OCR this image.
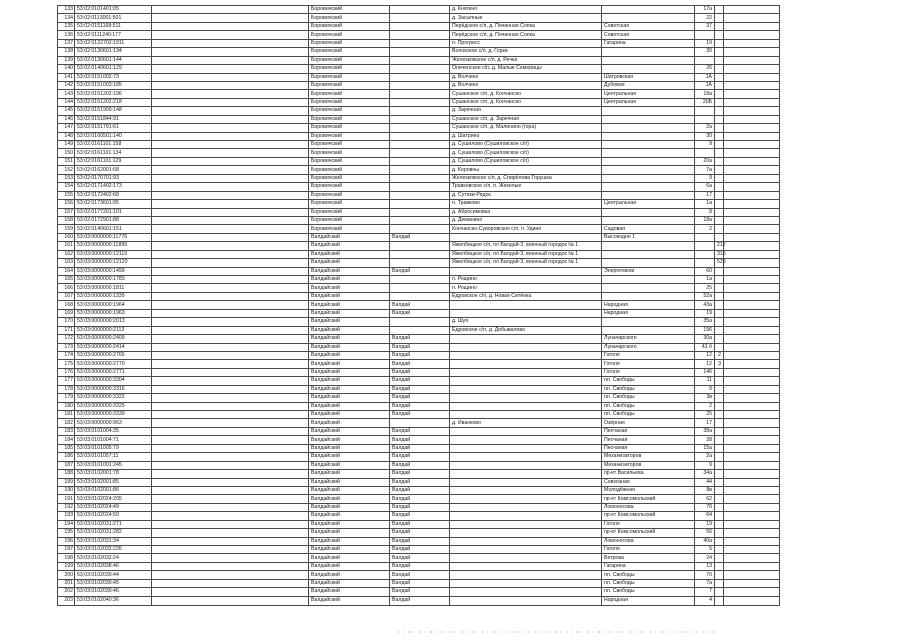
133	53:02:0101401:05		Боровичский		д. Княгино		17а		
134	53:02:0113001:501		Боровичский		д. Засыпные		22		
135	53:02:0151168:511		Боровичский		Перёдское с/п, д. Починная Сопка	Советская	37		
136	53:02:0111240:177		Боровичский		Перёдское с/п, д. Починная Сопка	Советская			
137	53:02:0122702:1911		Боровичский		п. Прогресс	Гагарина	19		
138	53:02:0130601:134		Боровичский		Волокское с/п, д. Горки		30		
139	53:02:0130601:144		Боровичский		Железковское с/п, д. Речка				
140	53:02:0140601:129		Боровичский		Опеченское с/п, д. Малые Семерицы		26		
141	53:02:0151002:73		Боровичский		д. Волчино	Шатровская	1А		
142	53:02:0151003:185		Боровичский		д. Волчино	Дубовая	1А		
143	53:02:0151202:196		Боровичский		Сушанское с/п, д. Кончанско	Центральная	18а		
144	53:02:0151202:218		Боровичский		Сушанское с/п, д. Кончанско	Центральная	20Б		
145	53:02:0151909:148		Боровичский		д. Заречная				
146	53:02:0151844:91		Боровичский		Сушанское с/п, д. Заречная				
147	53:02:0151791:61		Боровичский		Сушанское с/п, д. Малинино (гора)		2а		
148	53:02:0160501:140		Боровичский		д. Шатрино		30		
149	53:02:0161101:158		Боровичский		д. Сушилово (Сушиловское с/п)		9		
150	53:02:0161101:134		Боровичский		д. Сушилово (Сушиловское с/п)				
151	53:02:0161101:129		Боровичский		д. Сушилово (Сушиловское с/п)		20а		
152	53:02:0162001:68		Боровичский		д. Коровны		7а		
153	53:02:0170701:93		Боровичский		Железковское с/п, д. Спирёлова Горушка		9		
154	53:02:0171402:173		Боровичский		Травковское с/п, п. Жеколые		6а		
155	53:02:0172402:68		Боровичский		д. Сутоки-Рядок		17		
156	53:02:0173601:95		Боровичский		п. Травково	Центральная	1а		
157	53:02:0177201:101		Боровичский		д. Абросимовка		8		
158	53:02:0172901:88		Боровичский		д. Деманино		18а		
159	53:02:0140601:151		Боровичский		Кончанско-Суворовское с/п, п. Удино	Садовая	2		
160	53:03:0000000:11776		Валдайский	Валдай		Высокодно 1			
161	53:03:0000000:11899		Валдайский		Яжелбицкое с/п, пл Валдай-3, военный городок № 1			212	
162	53:03:0000000:12119		Валдайский		Яжелбицкое с/п, пл Валдай-3, военный городок № 1			315	
163	53:03:0000000:12120		Валдайский		Яжелбицкое с/п, пл Валдай-3, военный городок № 1			529	
164	53:03:0000000:1499		Валдайский	Валдай		Энергетиков	60		
165	53:03:0000000:1783		Валдайский		п. Рощино		1а		
166	53:03:0000000:1811		Валдайский		п. Рощино		25		
167	53:03:0000000:1339		Валдайский		Едровское с/п, д. Новая Ситёнка		52а		
168	53:03:0000000:1964		Валдайский	Валдай		Народная	43а		
169	53:03:0000000:1963		Валдайский	Валдай		Народная	19		
170	53:03:0000000:2013		Валдайский		д. Шуя		35а		
171	53:03:0000000:2113		Валдайский		Едровское с/п, д. Добывалово		196		
172	53:03:0000000:2409		Валдайский	Валдай		Луначарского	30а		
173	53:03:0000000:2414		Валдайский	Валдай		Луначарского	41 б		
174	53:03:0000000:2765		Валдайский	Валдай		Гоголя	12	2	
175	53:03:0000000:2770		Валдайский	Валдай		Гоголя	12	3	
176	53:03:0000000:2771		Валдайский	Валдай		Гоголя	146		
177	53:03:0000000:3304		Валдайский	Валдай		пл. Свободы	11		
178	53:03:0000000:3316		Валдайский	Валдай		пл. Свободы	9		
179	53:03:0000000:3322		Валдайский	Валдай		пл. Свободы	3в		
180	53:03:0000000:3325		Валдайский	Валдай		пл. Свободы	2		
181	53:03:0000000:3339		Валдайский	Валдай		пл. Свободы	25		
182	53:03:0000000:963		Валдайский		д. Иванково	Озёрная	17		
183	53:03:0101004:35		Валдайский	Валдай		Песчаная	38а		
184	53:03:0101004:71		Валдайский	Валдай		Песчаная	38		
185	53:03:0101005:79		Валдайский	Валдай		Песчаная	15а		
186	53:03:0101057:11		Валдайский	Валдай		Механизаторов	2а		
187	53:03:0101001:245		Валдайский	Валдай		Механизаторов	9		
188	53:03:0102001:78		Валдайский	Валдай		пр-кт Васильева	34а		
189	53:03:0102001:85		Валдайский	Валдай		Совхозная	44		
190	53:03:0102001:86		Валдайский	Валдай		Молодёжная	8в		
191	53:03:0102024:205		Валдайский	Валдай		пр-кт Комсомольский	62		
192	53:03:0102024:49		Валдайский	Валдай		Ломоносова	70		
193	53:03:0102024:50		Валдайский	Валдай		пр-кт Комсомольский	64		
194	53:03:0102031:271		Валдайский	Валдай		Гоголя	19		
195	53:03:0102031:282		Валдайский	Валдай		пр-кт Комсомольский	56		
196	53:03:0102031:34		Валдайский	Валдай		Ломоносова	40а		
197	53:03:0102032:226		Валдайский	Валдай		Гоголя	5		
198	53:03:0102032:24		Валдайский	Валдай		Ветрова	24		
199	53:03:0102038:46		Валдайский	Валдай		Гагарина	13		
200	53:03:0102039:44		Валдайский	Валдай		пл. Свободы	70		
201	53:03:0102039:45		Валдайский	Валдай		пл. Свободы	7а		
202	53:03:0102039:46		Валдайский	Валдай		пл. Свободы	7		
203	53:03:0102040:36		Валдайский	Валдай		Народная	4		
